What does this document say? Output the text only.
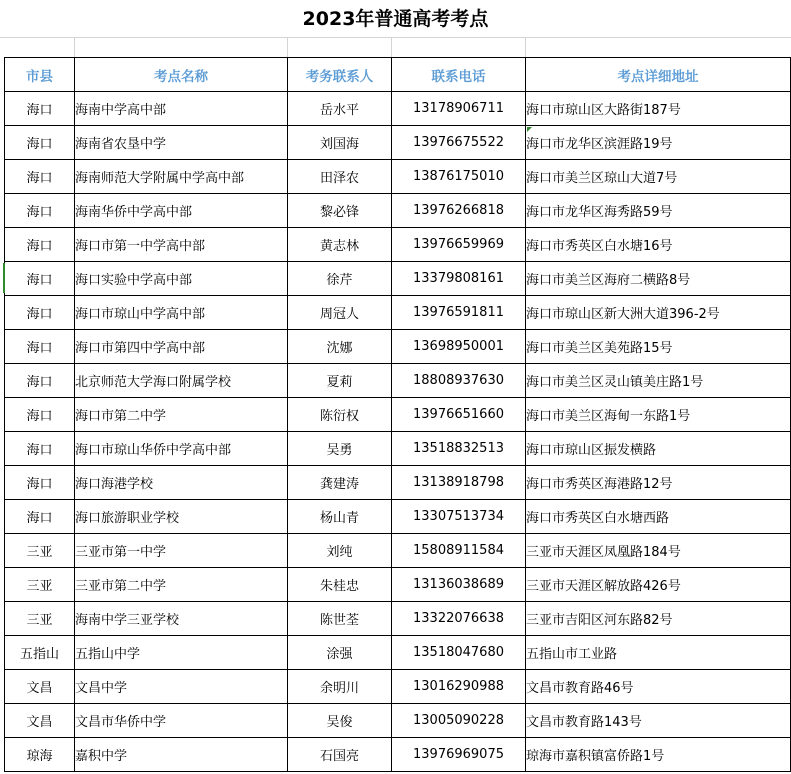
2023年普通高考考点
市县	考点名称	考务联系人	联系电话	考点详细地址
海口	海南中学高中部	岳水平	13178906711	海口市琼山区大路街187号
海口	海南省农垦中学	刘国海	13976675522	海口市龙华区滨涯路19号
海口	海南师范大学附属中学高中部	田泽农	13876175010	海口市美兰区琼山大道7号
海口	海南华侨中学高中部	黎必锋	13976266818	海口市龙华区海秀路59号
海口	海口市第一中学高中部	黄志林	13976659969	海口市秀英区白水塘16号
海口	海口实验中学高中部	徐芹	13379808161	海口市美兰区海府二横路8号
海口	海口市琼山中学高中部	周冠人	13976591811	海口市琼山区新大洲大道396-2号
海口	海口市第四中学高中部	沈娜	13698950001	海口市美兰区美苑路15号
海口	北京师范大学海口附属学校	夏莉	18808937630	海口市美兰区灵山镇美庄路1号
海口	海口市第二中学	陈衍权	13976651660	海口市美兰区海甸一东路1号
海口	海口市琼山华侨中学高中部	吴勇	13518832513	海口市琼山区振发横路
海口	海口海港学校	龚建涛	13138918798	海口市秀英区海港路12号
海口	海口旅游职业学校	杨山青	13307513734	海口市秀英区白水塘西路
三亚	三亚市第一中学	刘纯	15808911584	三亚市天涯区凤凰路184号
三亚	三亚市第二中学	朱桂忠	13136038689	三亚市天涯区解放路426号
三亚	海南中学三亚学校	陈世荃	13322076638	三亚市吉阳区河东路82号
五指山	五指山中学	涂强	13518047680	五指山市工业路
文昌	文昌中学	余明川	13016290988	文昌市教育路46号
文昌	文昌市华侨中学	吴俊	13005090228	文昌市教育路143号
琼海	嘉积中学	石国亮	13976969075	琼海市嘉积镇富侨路1号
